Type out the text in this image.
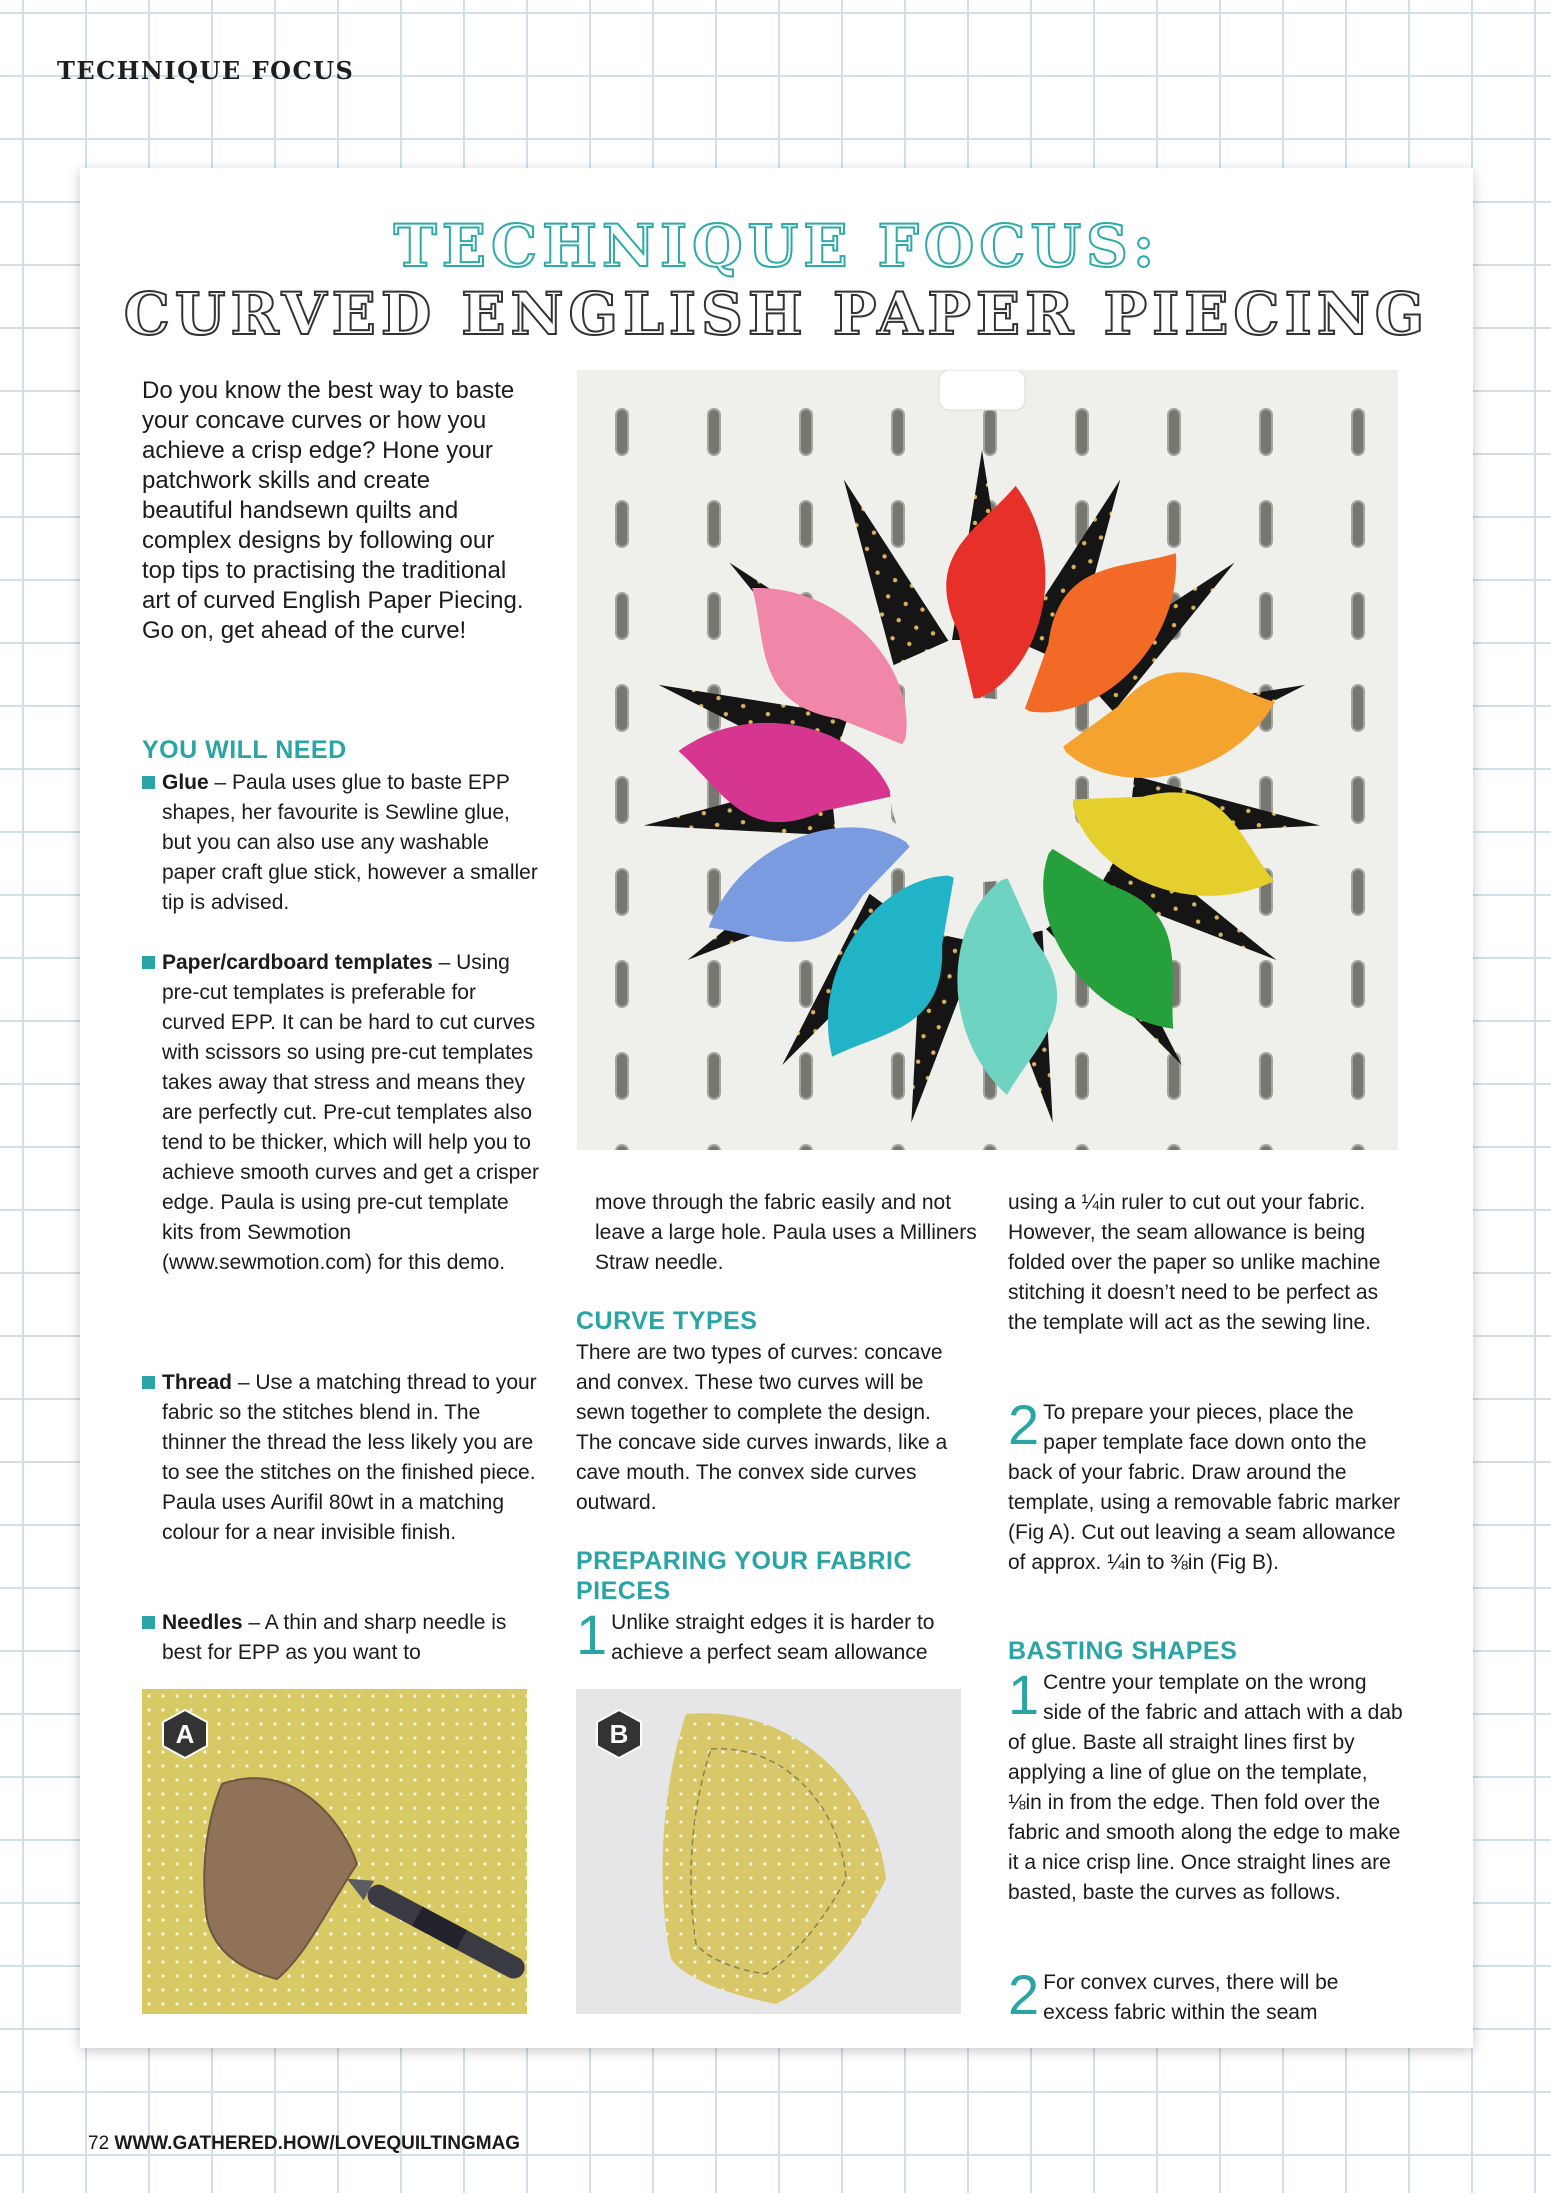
TECHNIQUE FOCUS
TECHNIQUE FOCUS:
CURVED ENGLISH PAPER PIECING

Do you know the best way to baste your concave curves or how you achieve a crisp edge? Hone your patchwork skills and create beautiful handsewn quilts and complex designs by following our top tips to practising the traditional art of curved English Paper Piecing. Go on, get ahead of the curve!

YOU WILL NEED
Glue – Paula uses glue to baste EPP shapes, her favourite is Sewline glue, but you can also use any washable paper craft glue stick, however a smaller tip is advised.
Paper/cardboard templates – Using pre-cut templates is preferable for curved EPP. It can be hard to cut curves with scissors so using pre-cut templates takes away that stress and means they are perfectly cut. Pre-cut templates also tend to be thicker, which will help you to achieve smooth curves and get a crisper edge. Paula is using pre-cut template kits from Sewmotion (www.sewmotion.com) for this demo.
Thread – Use a matching thread to your fabric so the stitches blend in. The thinner the thread the less likely you are to see the stitches on the finished piece. Paula uses Aurifil 80wt in a matching colour for a near invisible finish.
Needles – A thin and sharp needle is best for EPP as you want to

move through the fabric easily and not leave a large hole. Paula uses a Milliners Straw needle.

CURVE TYPES

There are two types of curves: concave and convex. These two curves will be sewn together to complete the design. The concave side curves inwards, like a cave mouth. The convex side curves outward.

PREPARING YOUR FABRIC
PIECES
1 Unlike straight edges it is harder to achieve a perfect seam allowance

using a ¼in ruler to cut out your fabric. However, the seam allowance is being folded over the paper so unlike machine stitching it doesn’t need to be perfect as the template will act as the sewing line.

2 To prepare your pieces, place the paper template face down onto the back of your fabric. Draw around the template, using a removable fabric marker (Fig A). Cut out leaving a seam allowance of approx. ¼in to ⅜in (Fig B).
BASTING SHAPES
1 Centre your template on the wrong side of the fabric and attach with a dab of glue. Baste all straight lines first by applying a line of glue on the template, ⅛in in from the edge. Then fold over the fabric and smooth along the edge to make it a nice crisp line. Once straight lines are basted, baste the curves as follows.
2 For convex curves, there will be excess fabric within the seam
A	B
72 WWW.GATHERED.HOW/LOVEQUILTINGMAG
